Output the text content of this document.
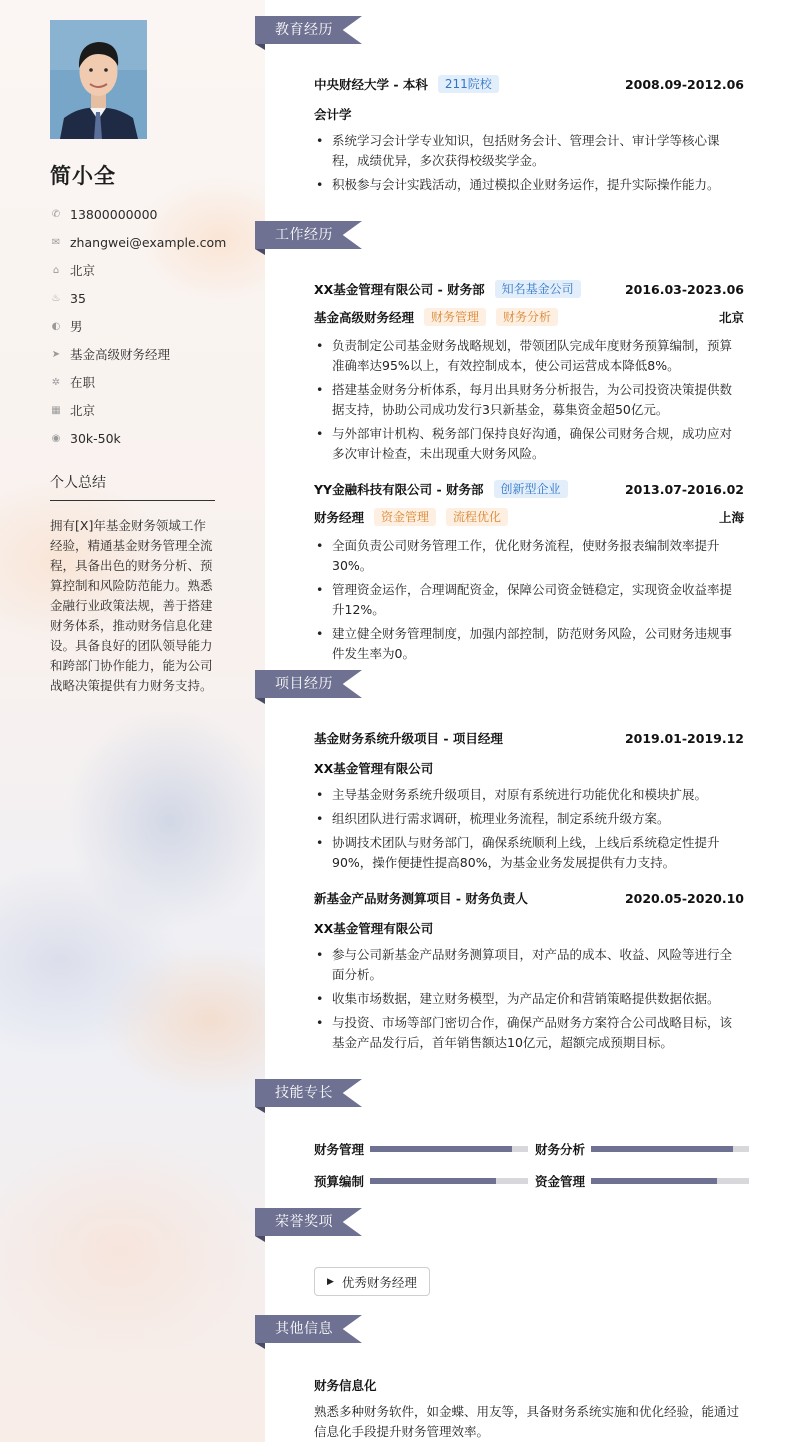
简小全
✆ 13800000000
✉ zhangwei@example.com
⌂ 北京
♨ 35
◐ 男
➤ 基金高级财务经理
✲ 在职
▦ 北京
◉ 30k-50k
个人总结
拥有[X]年基金财务领域工作经验，精通基金财务管理全流程，具备出色的财务分析、预算控制和风险防范能力。熟悉金融行业政策法规，善于搭建财务体系，推动财务信息化建设。具备良好的团队领导能力和跨部门协作能力，能为公司战略决策提供有力财务支持。
教育经历
中央财经大学 - 本科	211院校	2008.09-2012.06
会计学
• 系统学习会计学专业知识，包括财务会计、管理会计、审计学等核心课程，成绩优异，多次获得校级奖学金。
• 积极参与会计实践活动，通过模拟企业财务运作，提升实际操作能力。
工作经历
XX基金管理有限公司 - 财务部	知名基金公司	2016.03-2023.06
基金高级财务经理	财务管理	财务分析	北京
• 负责制定公司基金财务战略规划，带领团队完成年度财务预算编制，预算准确率达95%以上，有效控制成本，使公司运营成本降低8%。
• 搭建基金财务分析体系，每月出具财务分析报告，为公司投资决策提供数据支持，协助公司成功发行3只新基金，募集资金超50亿元。
• 与外部审计机构、税务部门保持良好沟通，确保公司财务合规，成功应对多次审计检查，未出现重大财务风险。
YY金融科技有限公司 - 财务部	创新型企业	2013.07-2016.02
财务经理	资金管理	流程优化	上海
• 全面负责公司财务管理工作，优化财务流程，使财务报表编制效率提升30%。
• 管理资金运作，合理调配资金，保障公司资金链稳定，实现资金收益率提升12%。
• 建立健全财务管理制度，加强内部控制，防范财务风险，公司财务违规事件发生率为0。
项目经历
基金财务系统升级项目 - 项目经理	2019.01-2019.12
XX基金管理有限公司
• 主导基金财务系统升级项目，对原有系统进行功能优化和模块扩展。
• 组织团队进行需求调研，梳理业务流程，制定系统升级方案。
• 协调技术团队与财务部门，确保系统顺利上线，上线后系统稳定性提升90%，操作便捷性提高80%，为基金业务发展提供有力支持。
新基金产品财务测算项目 - 财务负责人	2020.05-2020.10
XX基金管理有限公司
• 参与公司新基金产品财务测算项目，对产品的成本、收益、风险等进行全面分析。
• 收集市场数据，建立财务模型，为产品定价和营销策略提供数据依据。
• 与投资、市场等部门密切合作，确保产品财务方案符合公司战略目标，该基金产品发行后，首年销售额达10亿元，超额完成预期目标。
技能专长
财务管理	财务分析
预算编制	资金管理
荣誉奖项
▶ 优秀财务经理
其他信息
财务信息化
熟悉多种财务软件，如金蝶、用友等，具备财务系统实施和优化经验，能通过信息化手段提升财务管理效率。
